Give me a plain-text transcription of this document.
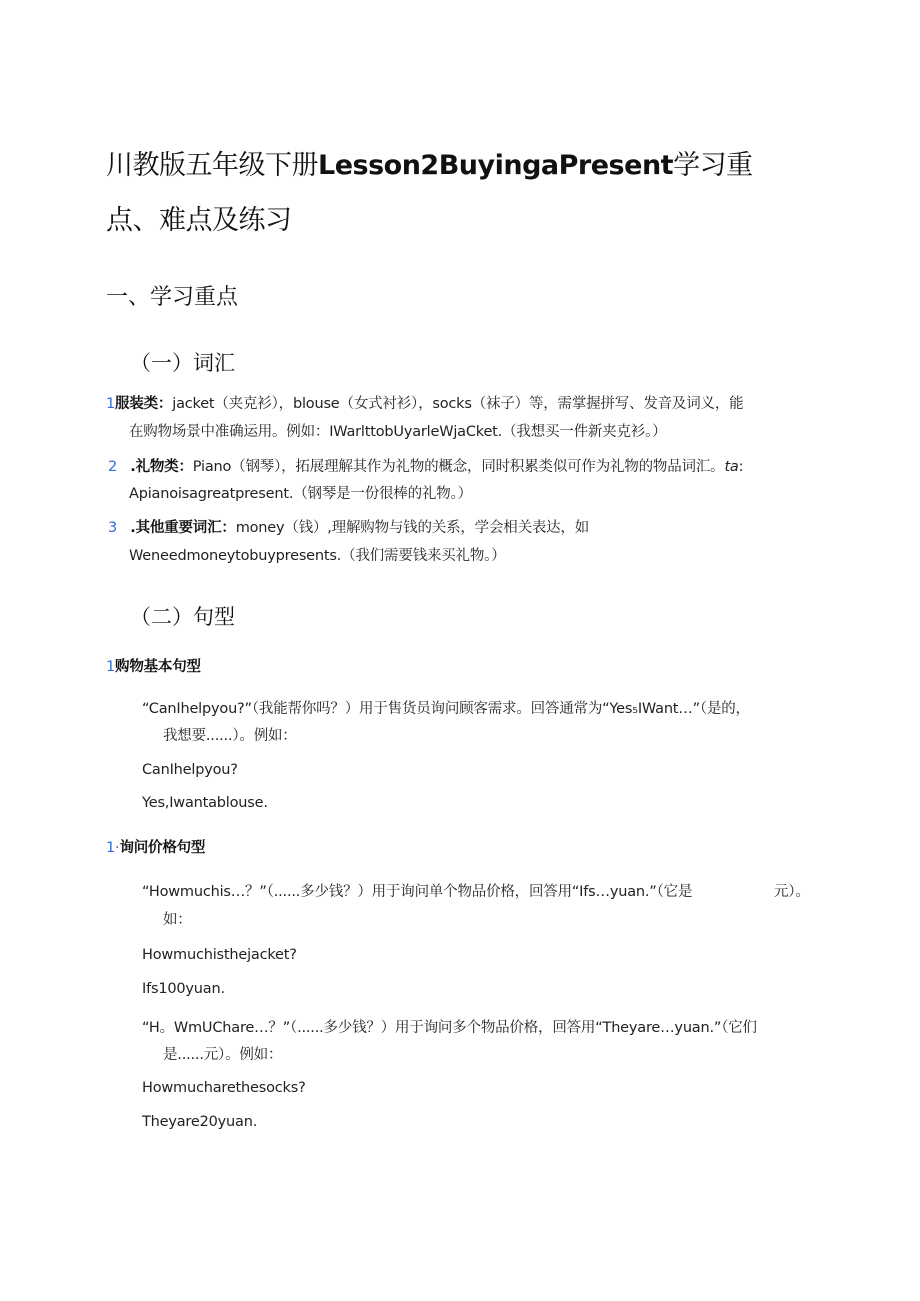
川教版五年级下册Lesson2BuyingaPresent学习重
点、难点及练习
一、学习重点
（一）词汇
1服装类：jacket（夹克衫），blouse（女式衬衫），socks（袜子）等，需掌握拼写、发音及词义，能
在购物场景中准确运用。例如：IWarlttobUyarleWjaCket.（我想买一件新夹克衫。）
2 .礼物类：Piano（钢琴），拓展理解其作为礼物的概念，同时积累类似可作为礼物的物品词汇。ta:
Apianoisagreatpresent.（钢琴是一份很棒的礼物。）
3 .其他重要词汇：money（钱）,理解购物与钱的关系，学会相关表达，如
Weneedmoneytobuypresents.（我们需要钱来买礼物。）
（二）句型
1购物基本句型
“CanIhelpyou?”（我能帮你吗？）用于售货员询问顾客需求。回答通常为“Yes₅IWant…”（是的，
我想要......）。例如：
CanIhelpyou?
Yes,Iwantablouse.
1·询问价格句型
“Howmuchis…？”（......多少钱？）用于询问单个物品价格，回答用“Ifs…yuan.”（它是	元）。
如：
Howmuchisthejacket?
Ifs100yuan.
“H。WmUChare…？”（......多少钱？）用于询问多个物品价格，回答用“Theyare…yuan.”（它们
是......元）。例如：
Howmucharethesocks?
Theyare20yuan.
